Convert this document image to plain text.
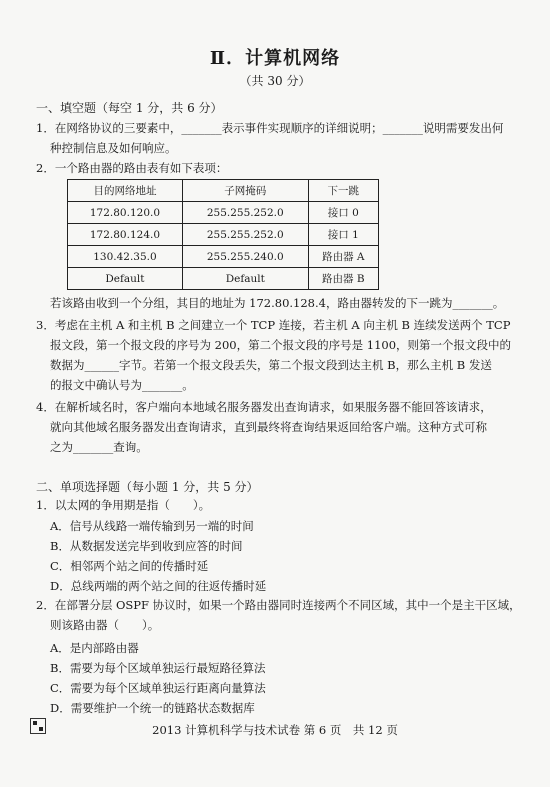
Ⅱ．计算机网络
（共 30 分）
一、填空题（每空 1 分，共 6 分）
1．在网络协议的三要素中，_______表示事件实现顺序的详细说明；_______说明需要发出何
种控制信息及如何响应。
2．一个路由器的路由表有如下表项：
目的网络地址	子网掩码	下一跳
172.80.120.0	255.255.252.0	接口 0
172.80.124.0	255.255.252.0	接口 1
130.42.35.0	255.255.240.0	路由器 A
Default	Default	路由器 B
若该路由收到一个分组，其目的地址为 172.80.128.4，路由器转发的下一跳为_______。
3．考虑在主机 A 和主机 B 之间建立一个 TCP 连接，若主机 A 向主机 B 连续发送两个 TCP
报文段，第一个报文段的序号为 200，第二个报文段的序号是 1100，则第一个报文段中的
数据为______字节。若第一个报文段丢失，第二个报文段到达主机 B，那么主机 B 发送
的报文中确认号为_______。
4．在解析域名时，客户端向本地域名服务器发出查询请求，如果服务器不能回答该请求，
就向其他域名服务器发出查询请求，直到最终将查询结果返回给客户端。这种方式可称
之为_______查询。
二、单项选择题（每小题 1 分，共 5 分）
1．以太网的争用期是指（　　）。
A．信号从线路一端传输到另一端的时间
B．从数据发送完毕到收到应答的时间
C．相邻两个站之间的传播时延
D．总线两端的两个站之间的往返传播时延
2．在部署分层 OSPF 协议时，如果一个路由器同时连接两个不同区域，其中一个是主干区域，
则该路由器（　　）。
A．是内部路由器
B．需要为每个区域单独运行最短路径算法
C．需要为每个区域单独运行距离向量算法
D．需要维护一个统一的链路状态数据库
2013 计算机科学与技术试卷 第 6 页　共 12 页
